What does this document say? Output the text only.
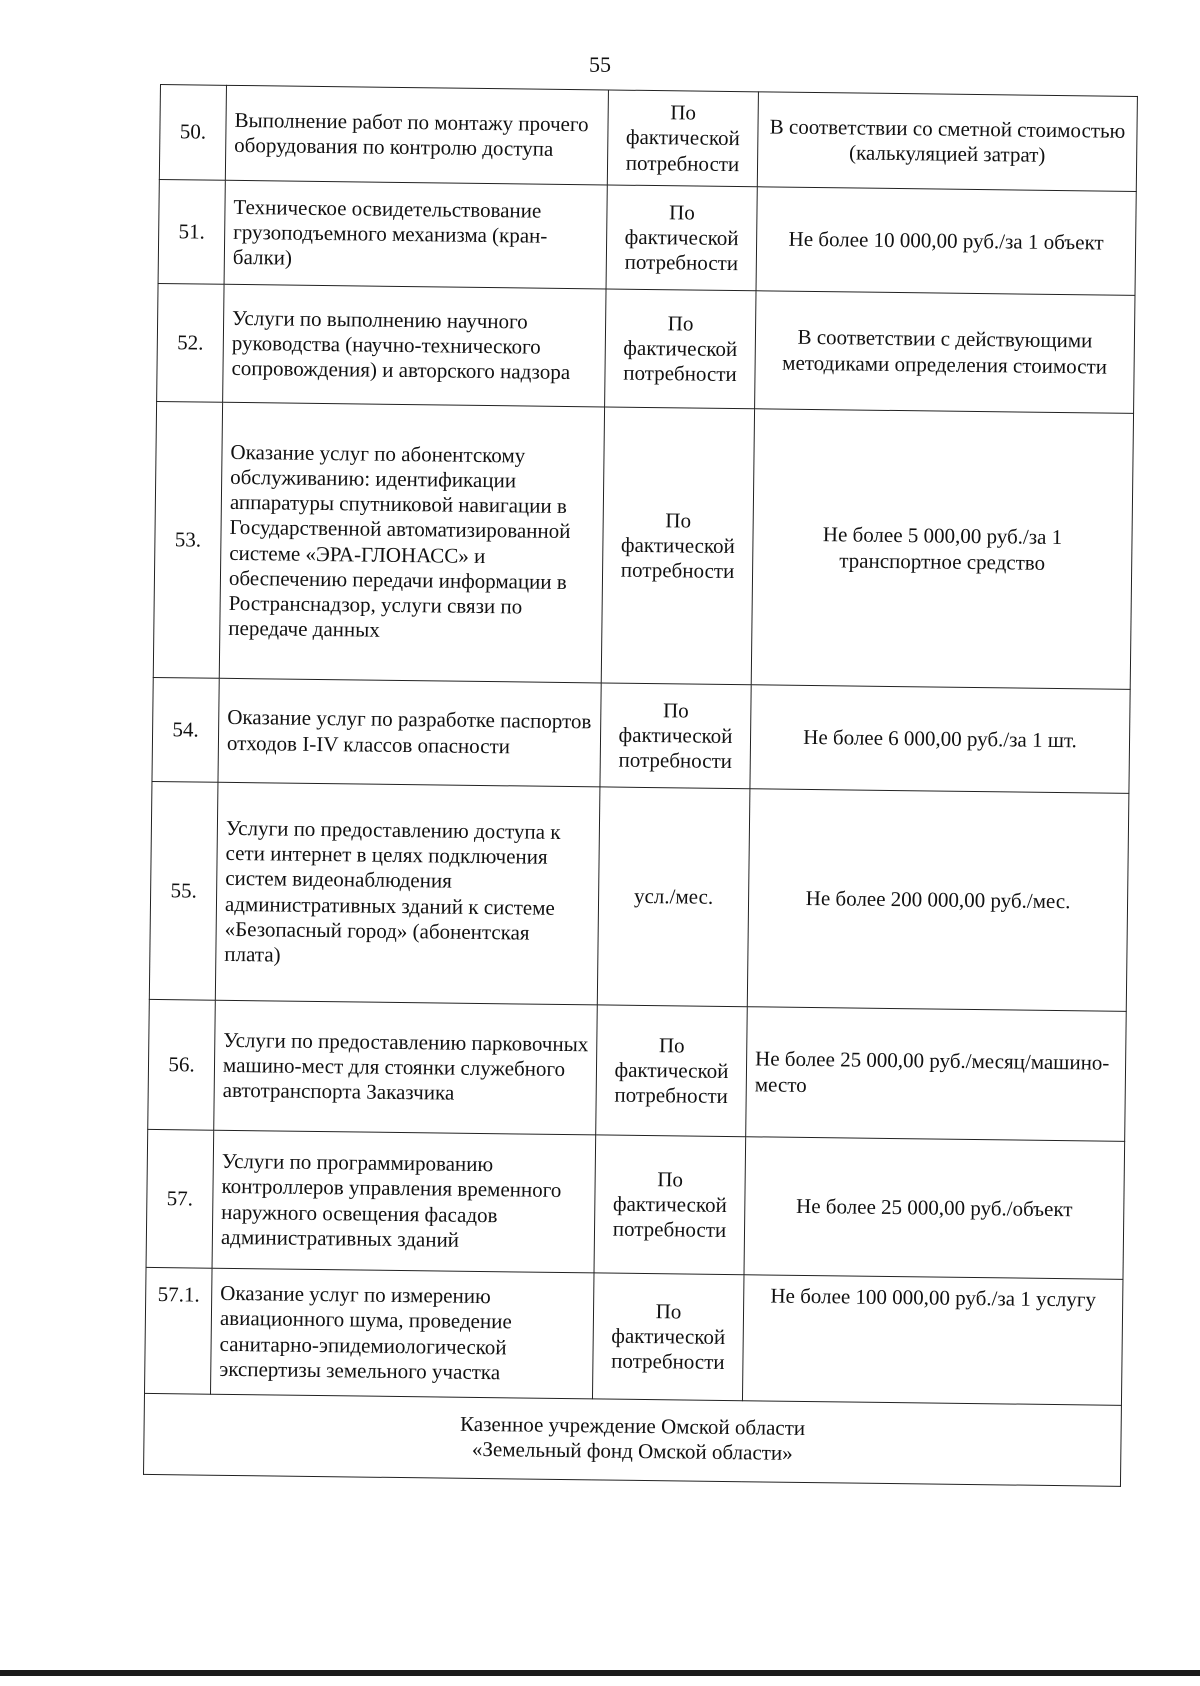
55
50.	Выполнение работ по монтажу прочего оборудования по контролю доступа	По фактической потребности	В соответствии со сметной стоимостью (калькуляцией затрат)
51.	Техническое освидетельствование грузоподъемного механизма (кран-балки)	По фактической потребности	Не более 10 000,00 руб./за 1 объект
52.	Услуги по выполнению научного руководства (научно-технического сопровождения) и авторского надзора	По фактической потребности	В соответствии с действующими методиками определения стоимости
53.	Оказание услуг по абонентскому обслуживанию: идентификации аппаратуры спутниковой навигации в Государственной автоматизированной системе «ЭРА-ГЛОНАСС» и обеспечению передачи информации в Ространснадзор, услуги связи по передаче данных	По фактической потребности	Не более 5 000,00 руб./за 1 транспортное средство
54.	Оказание услуг по разработке паспортов отходов I-IV классов опасности	По фактической потребности	Не более 6 000,00 руб./за 1 шт.
55.	Услуги по предоставлению доступа к сети интернет в целях подключения систем видеонаблюдения административных зданий к системе «Безопасный город» (абонентская плата)	усл./мес.	Не более 200 000,00 руб./мес.
56.	Услуги по предоставлению парковочных машино-мест для стоянки служебного автотранспорта Заказчика	По фактической потребности	Не более 25 000,00 руб./месяц/машино-место
57.	Услуги по программированию контроллеров управления временного наружного освещения фасадов административных зданий	По фактической потребности	Не более 25 000,00 руб./объект
57.1.	Оказание услуг по измерению авиационного шума, проведение санитарно-эпидемиологической экспертизы земельного участка	По фактической потребности	Не более 100 000,00 руб./за 1 услугу

Казенное учреждение Омской области
«Земельный фонд Омской области»			
